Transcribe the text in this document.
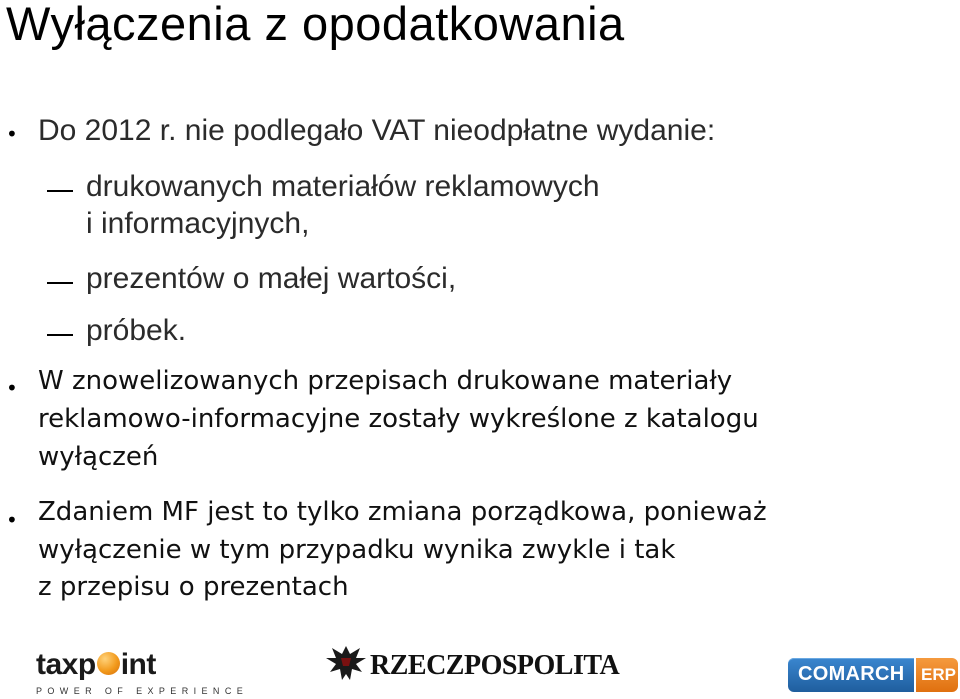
Wyłączenia z opodatkowania
• Do 2012 r. nie podlegało VAT nieodpłatne wydanie:
drukowanych materiałów reklamowych
i informacyjnych,
prezentów o małej wartości,
próbek.
• W znowelizowanych przepisach drukowane materiały
reklamowo-informacyjne zostały wykreślone z katalogu
wyłączeń
• Zdaniem MF jest to tylko zmiana porządkowa, ponieważ
wyłączenie w tym przypadku wynika zwykle i tak
z przepisu o prezentach
taxp int
POWER OF EXPERIENCE
RZECZPOSPOLITA	COMARCH ERP
